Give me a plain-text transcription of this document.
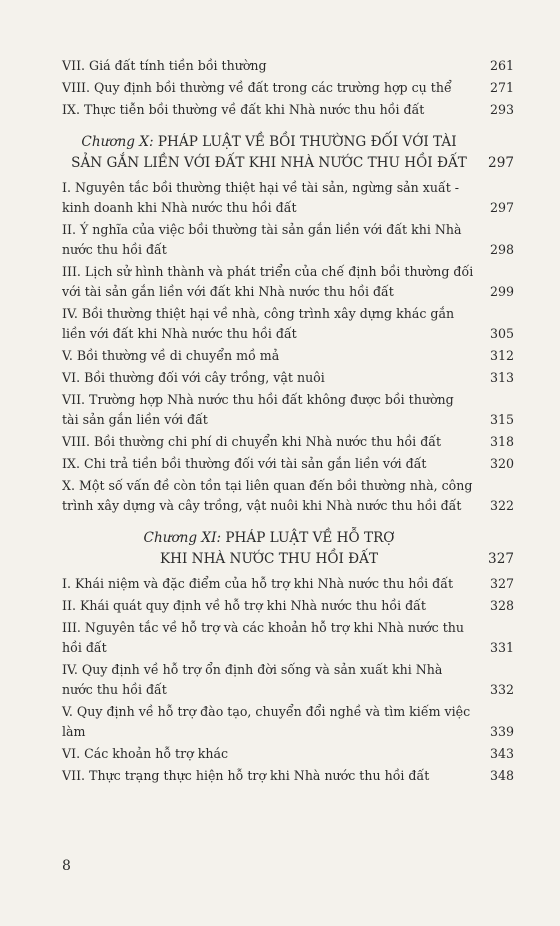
VII. Giá đất tính tiền bồi thường	261
VIII. Quy định bồi thường về đất trong các trường hợp cụ thể	271
IX. Thực tiễn bồi thường về đất khi Nhà nước thu hồi đất	293
Chương X: PHÁP LUẬT VỀ BỒI THƯỜNG ĐỐI VỚI TÀI
SẢN GẮN LIỀN VỚI ĐẤT KHI NHÀ NƯỚC THU HỒI ĐẤT	297
I. Nguyên tắc bồi thường thiệt hại về tài sản, ngừng sản xuất - kinh doanh khi Nhà nước thu hồi đất	297
II. Ý nghĩa của việc bồi thường tài sản gắn liền với đất khi Nhà nước thu hồi đất	298
III. Lịch sử hình thành và phát triển của chế định bồi thường đối với tài sản gắn liền với đất khi Nhà nước thu hồi đất	299
IV. Bồi thường thiệt hại về nhà, công trình xây dựng khác gắn liền với đất khi Nhà nước thu hồi đất	305
V. Bồi thường về di chuyển mồ mả	312
VI. Bồi thường đối với cây trồng, vật nuôi	313
VII. Trường hợp Nhà nước thu hồi đất không được bồi thường tài sản gắn liền với đất	315
VIII. Bồi thường chi phí di chuyển khi Nhà nước thu hồi đất	318
IX. Chi trả tiền bồi thường đối với tài sản gắn liền với đất	320
X. Một số vấn đề còn tồn tại liên quan đến bồi thường nhà, công trình xây dựng và cây trồng, vật nuôi khi Nhà nước thu hồi đất	322
Chương XI: PHÁP LUẬT VỀ HỖ TRỢ
KHI NHÀ NƯỚC THU HỒI ĐẤT	327
I. Khái niệm và đặc điểm của hỗ trợ khi Nhà nước thu hồi đất	327
II. Khái quát quy định về hỗ trợ khi Nhà nước thu hồi đất	328
III. Nguyên tắc về hỗ trợ và các khoản hỗ trợ khi Nhà nước thu hồi đất	331
IV. Quy định về hỗ trợ ổn định đời sống và sản xuất khi Nhà nước thu hồi đất	332
V. Quy định về hỗ trợ đào tạo, chuyển đổi nghề và tìm kiếm việc làm	339
VI. Các khoản hỗ trợ khác	343
VII. Thực trạng thực hiện hỗ trợ khi Nhà nước thu hồi đất	348
8
